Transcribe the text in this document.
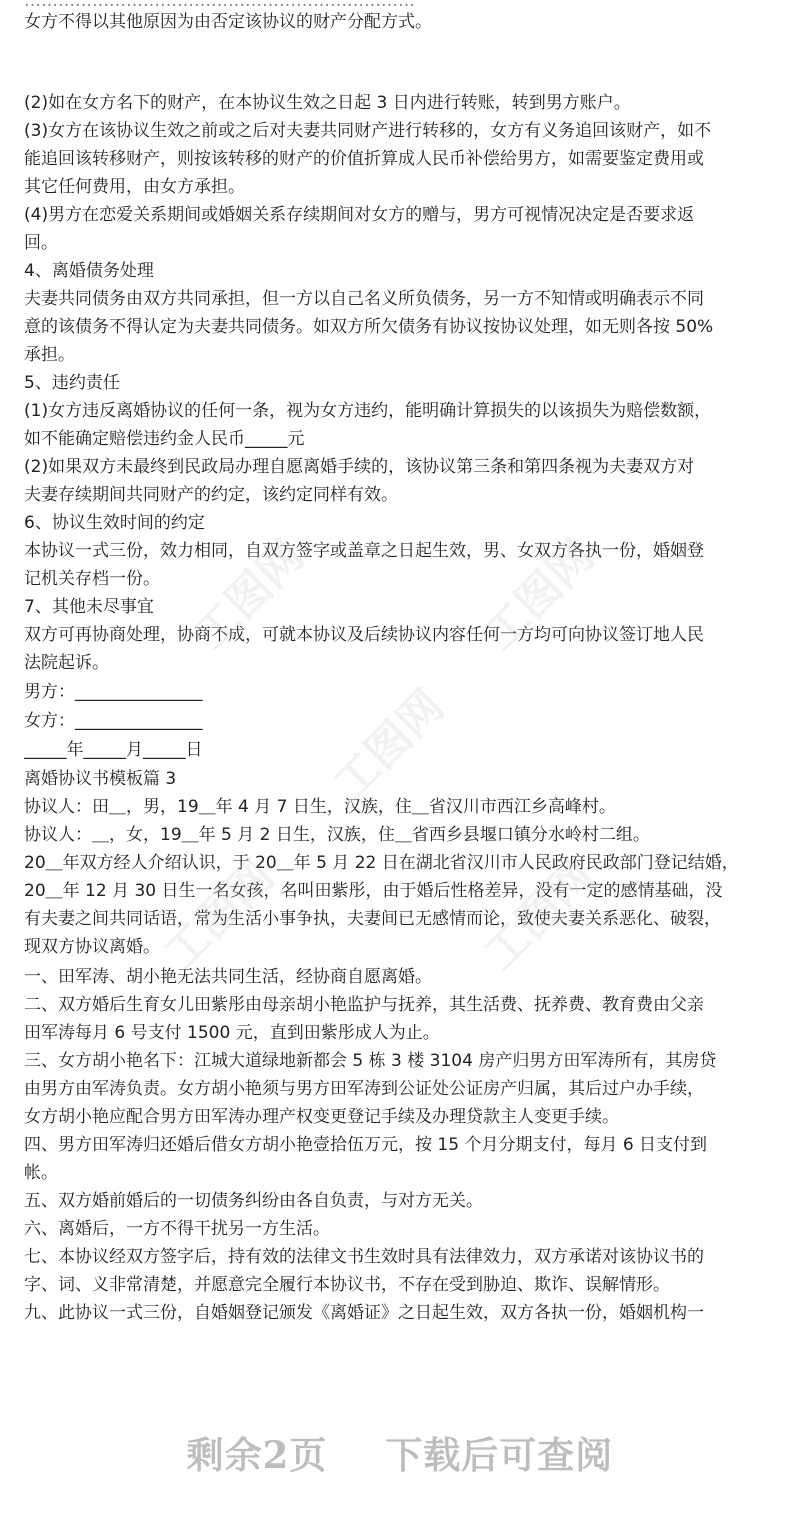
……………………………………………………………
女方不得以其他原因为由否定该协议的财产分配方式。
(2)如在女方名下的财产，在本协议生效之日起 3 日内进行转账，转到男方账户。
(3)女方在该协议生效之前或之后对夫妻共同财产进行转移的，女方有义务追回该财产，如不
能追回该转移财产，则按该转移的财产的价值折算成人民币补偿给男方，如需要鉴定费用或
其它任何费用，由女方承担。
(4)男方在恋爱关系期间或婚姻关系存续期间对女方的赠与，男方可视情况决定是否要求返
回。
4、离婚债务处理
夫妻共同债务由双方共同承担，但一方以自己名义所负债务，另一方不知情或明确表示不同
意的该债务不得认定为夫妻共同债务。如双方所欠债务有协议按协议处理，如无则各按 50%
承担。
5、违约责任
(1)女方违反离婚协议的任何一条，视为女方违约，能明确计算损失的以该损失为赔偿数额，
如不能确定赔偿违约金人民币_____元
(2)如果双方未最终到民政局办理自愿离婚手续的，该协议第三条和第四条视为夫妻双方对
夫妻存续期间共同财产的约定，该约定同样有效。
6、协议生效时间的约定
本协议一式三份，效力相同，自双方签字或盖章之日起生效，男、女双方各执一份，婚姻登
记机关存档一份。
7、其他未尽事宜
双方可再协商处理，协商不成，可就本协议及后续协议内容任何一方均可向协议签订地人民
法院起诉。
男方：_______________
女方：_______________
_____年_____月_____日
离婚协议书模板篇 3
协议人：田＿，男，19＿年 4 月 7 日生，汉族，住＿省汉川市西江乡高峰村。
协议人：＿，女，19＿年 5 月 2 日生，汉族，住＿省西乡县堰口镇分水岭村二组。
20＿年双方经人介绍认识，于 20＿年 5 月 22 日在湖北省汉川市人民政府民政部门登记结婚，
20＿年 12 月 30 日生一名女孩，名叫田紫彤，由于婚后性格差异，没有一定的感情基础，没
有夫妻之间共同话语，常为生活小事争执，夫妻间已无感情而论，致使夫妻关系恶化、破裂，
现双方协议离婚。
一、田军涛、胡小艳无法共同生活，经协商自愿离婚。
二、双方婚后生育女儿田紫彤由母亲胡小艳监护与抚养，其生活费、抚养费、教育费由父亲
田军涛每月 6 号支付 1500 元，直到田紫彤成人为止。
三、女方胡小艳名下：江城大道绿地新都会 5 栋 3 楼 3104 房产归男方田军涛所有，其房贷
由男方由军涛负责。女方胡小艳须与男方田军涛到公证处公证房产归属，其后过户办手续，
女方胡小艳应配合男方田军涛办理产权变更登记手续及办理贷款主人变更手续。
四、男方田军涛归还婚后借女方胡小艳壹拾伍万元，按 15 个月分期支付，每月 6 日支付到
帐。
五、双方婚前婚后的一切债务纠纷由各自负责，与对方无关。
六、离婚后，一方不得干扰另一方生活。
七、本协议经双方签字后，持有效的法律文书生效时具有法律效力，双方承诺对该协议书的
字、词、义非常清楚，并愿意完全履行本协议书，不存在受到胁迫、欺诈、误解情形。
九、此协议一式三份，自婚姻登记颁发《离婚证》之日起生效，双方各执一份，婚姻机构一
工图网	工图网
工图网
工图网	工图网
剩余2页 下载后可查阅
